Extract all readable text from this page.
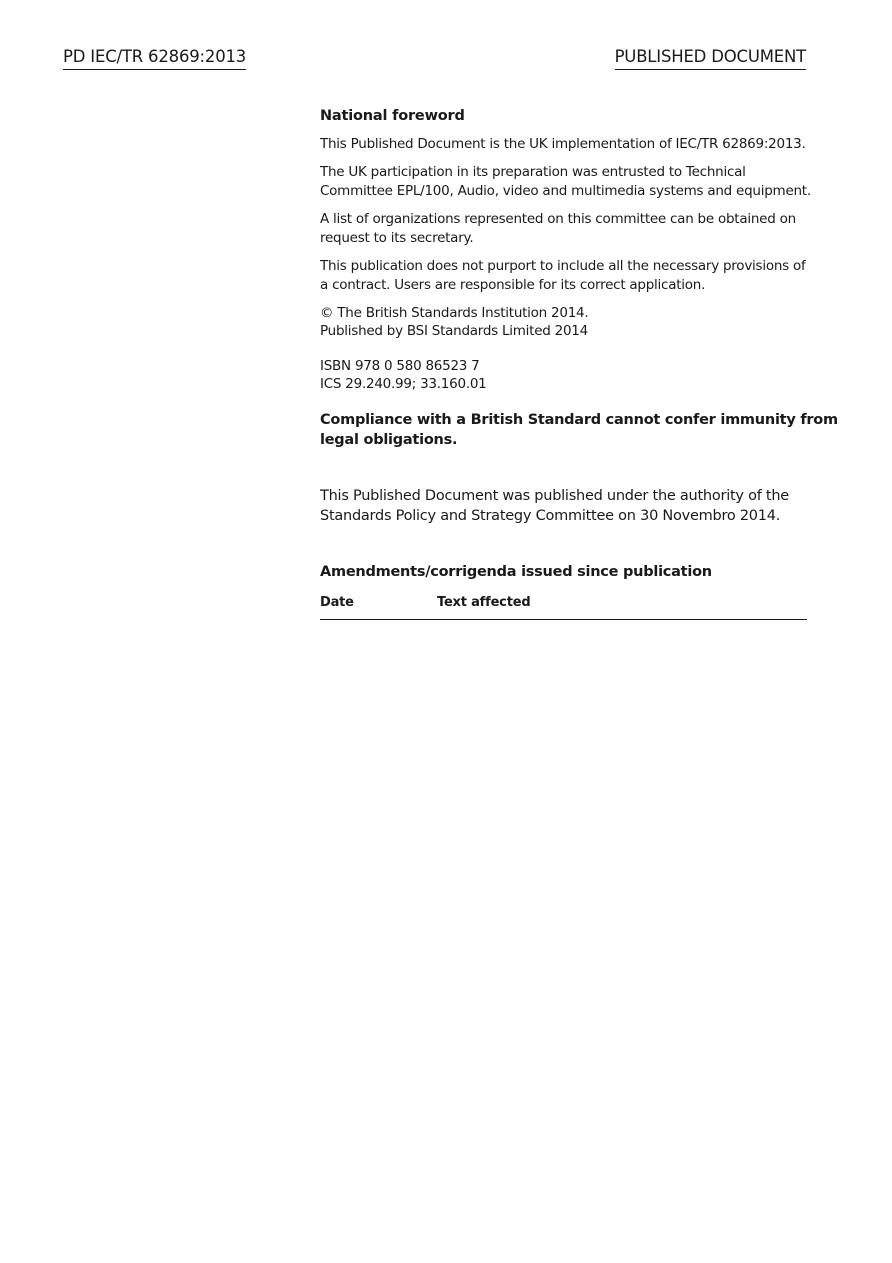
PD IEC/TR 62869:2013	PUBLISHED DOCUMENT
National foreword
This Published Document is the UK implementation of IEC/TR 62869:2013.
The UK participation in its preparation was entrusted to Technical
Committee EPL/100, Audio, video and multimedia systems and equipment.
A list of organizations represented on this committee can be obtained on
request to its secretary.
This publication does not purport to include all the necessary provisions of
a contract. Users are responsible for its correct application.
© The British Standards Institution 2014.
Published by BSI Standards Limited 2014
ISBN 978 0 580 86523 7
ICS 29.240.99; 33.160.01
Compliance with a British Standard cannot confer immunity from
legal obligations.
This Published Document was published under the authority of the
Standards Policy and Strategy Committee on 30 Novembro 2014.
Amendments/corrigenda issued since publication
Date	Text affected
